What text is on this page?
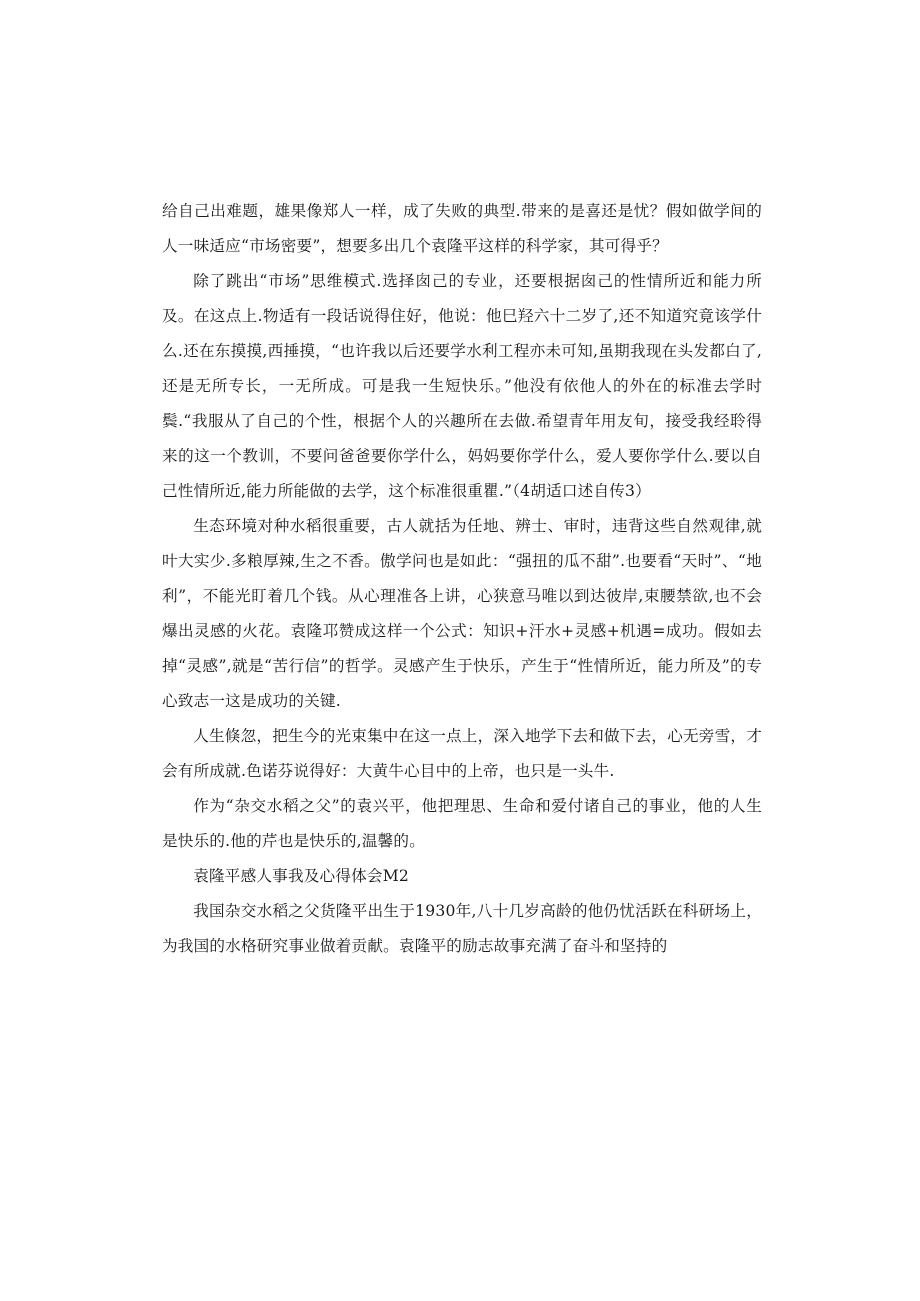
给自己出难题，雄果像郑人一样，成了失败的典型.带来的是喜还是忧？假如做学间的人一味适应“市场密要”，想要多出几个袁隆平这样的科学家，其可得乎？

除了跳出“市场”思维模式.选择囱己的专业，还要根据囱己的性情所近和能力所及。在这点上.物适有一段话说得住好，他说：他巳羟六十二岁了,还不知道究竟该学什么.还在东摸摸,西捶摸，“也许我以后还要学水利工程亦未可知,虽期我现在头发都白了,还是无所专长，一无所成。可是我一生短快乐。”他没有依他人的外在的标准去学时鬓.“我服从了自己的个性，根据个人的兴趣所在去做.希望青年用友旬，接受我经聆得来的这一个教训，不要问爸爸要你学什么，妈妈要你学什么，爱人要你学什么.要以自己性情所近,能力所能做的去学，这个标准很重瞿.”（4胡适口述自传3）

生态环境对种水稻很重要，古人就括为任地、辨士、审时，违背这些自然观律,就叶大实少.多粮厚辣,生之不香。傲学问也是如此：“强扭的瓜不甜”.也要看“天时”、“地利”，不能光盯着几个钱。从心理准各上讲，心狭意马唯以到达彼岸,束腰禁欲,也不会爆出灵感的火花。袁隆邛赞成这样一个公式：知识+汗水+灵感+机遇=成功。假如去掉“灵感”,就是“苦行信”的哲学。灵感产生于快乐，产生于“性情所近，能力所及”的专心致志一这是成功的关键.

人生倏忽，把生今的光束集中在这一点上，深入地学下去和做下去，心无旁雪，才会有所成就.色诺芬说得好：大黄牛心目中的上帝，也只是一头牛.

作为“杂交水稻之父”的袁兴平，他把理思、生命和爱付诸自己的事业，他的人生是快乐的.他的芹也是快乐的,温馨的。

袁隆平感人事我及心得体会M2

我国杂交水稻之父货隆平出生于1930年,八十几岁高龄的他仍忧活跃在科研场上，为我国的水格研究事业做着贡献。袁隆平的励志故事充满了奋斗和坚持的
